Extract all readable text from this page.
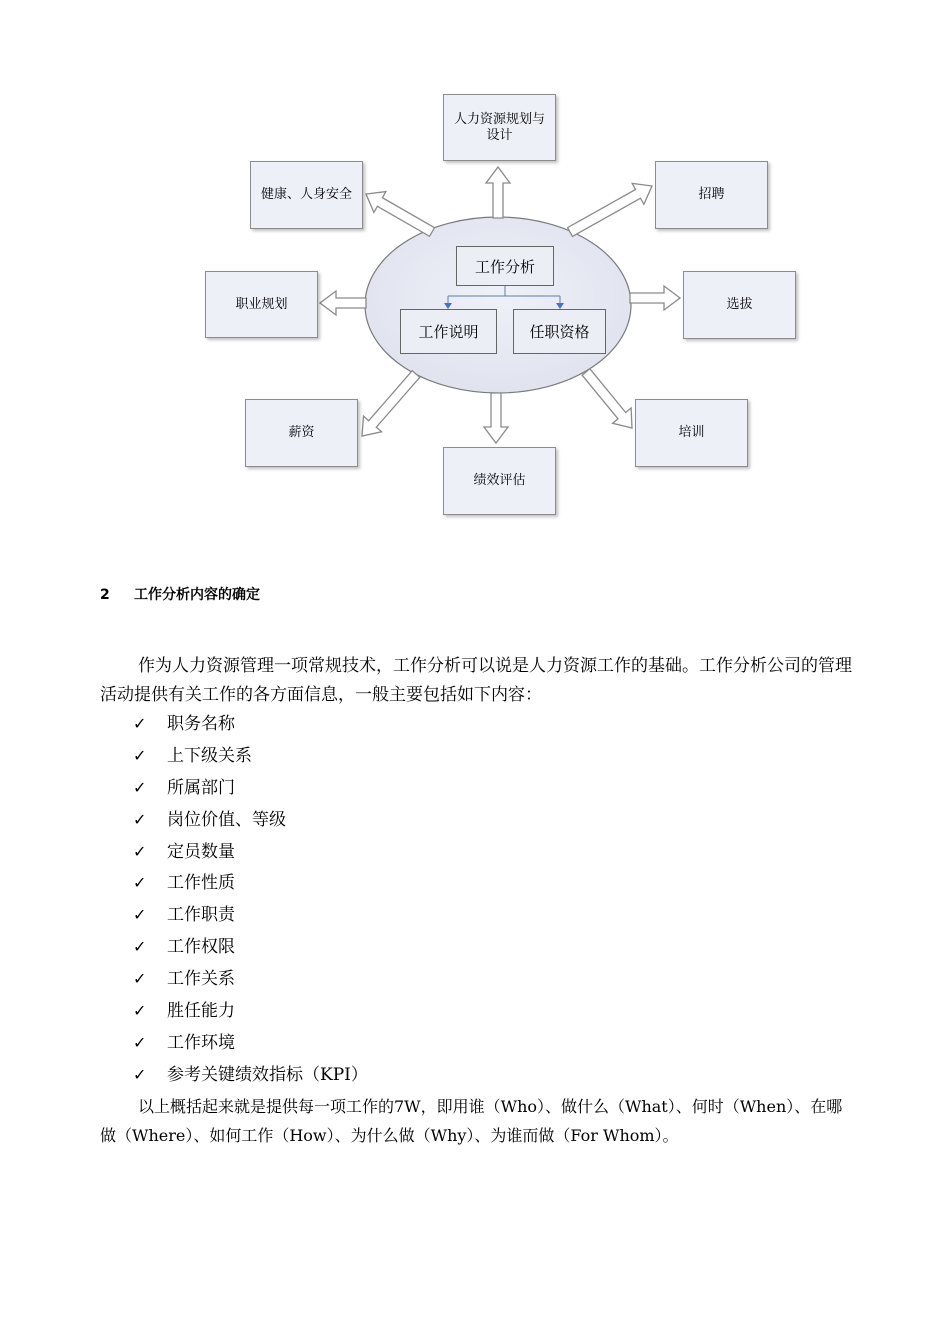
人力资源规划与设计
健康、人身安全	招聘
职业规划	选拔
薪资
绩效评估
培训
工作分析
工作说明	任职资格
2 工作分析内容的确定
作为人力资源管理一项常规技术，工作分析可以说是人力资源工作的基础。工作分析公司的管理活动提供有关工作的各方面信息，一般主要包括如下内容：
✓ 职务名称
✓ 上下级关系
✓ 所属部门
✓ 岗位价值、等级
✓ 定员数量
✓ 工作性质
✓ 工作职责
✓ 工作权限
✓ 工作关系
✓ 胜任能力
✓ 工作环境
✓ 参考关键绩效指标（KPI）
以上概括起来就是提供每一项工作的7W，即用谁（Who）、做什么（What）、何时（When）、在哪做（Where）、如何工作（How）、为什么做（Why）、为谁而做（For Whom）。
